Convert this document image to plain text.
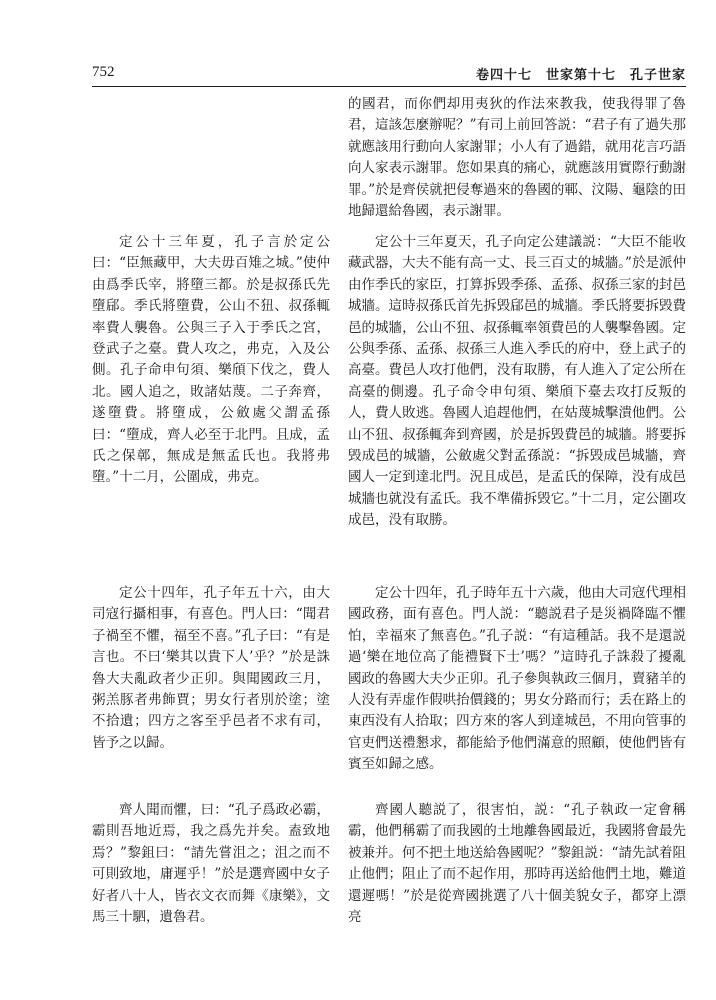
752	卷四十七　世家第十七　孔子世家

定公十三年夏，孔子言於定公曰：“臣無藏甲，大夫毋百雉之城。”使仲由爲季氏宰，將墮三都。於是叔孫氏先墮郈。季氏將墮費，公山不狃、叔孫輒率費人襲魯。公與三子入于季氏之宮，登武子之臺。費人攻之，弗克，入及公側。孔子命申句須、樂頎下伐之，費人北。國人追之，敗諸姑蔑。二子奔齊，遂墮費。將墮成，公斂處父謂孟孫曰：“墮成，齊人必至于北門。且成，孟氏之保鄣，無成是無孟氏也。我將弗墮。”十二月，公圍成，弗克。

定公十四年，孔子年五十六，由大司寇行攝相事，有喜色。門人曰：“聞君子禍至不懼，福至不喜。”孔子曰：“有是言也。不曰‘樂其以貴下人’乎？”於是誅魯大夫亂政者少正卯。與聞國政三月，粥羔豚者弗飾賈；男女行者別於塗；塗不拾遺；四方之客至乎邑者不求有司，皆予之以歸。

齊人聞而懼，曰：“孔子爲政必霸，霸則吾地近焉，我之爲先并矣。盍致地焉？”黎鉏曰：“請先嘗沮之；沮之而不可則致地，庸遲乎！”於是選齊國中女子好者八十人，皆衣文衣而舞《康樂》，文馬三十駟，遺魯君。

的國君，而你們却用夷狄的作法來教我，使我得罪了魯君，這該怎麼辦呢？”有司上前回答説：“君子有了過失那就應該用行動向人家謝罪；小人有了過錯，就用花言巧語向人家表示謝罪。您如果真的痛心，就應該用實際行動謝罪。”於是齊侯就把侵奪過來的魯國的鄆、汶陽、龜陰的田地歸還給魯國，表示謝罪。

定公十三年夏天，孔子向定公建議説：“大臣不能收藏武器，大夫不能有高一丈、長三百丈的城牆。”於是派仲由作季氏的家臣，打算拆毁季孫、孟孫、叔孫三家的封邑城牆。這時叔孫氏首先拆毁郈邑的城牆。季氏將要拆毁費邑的城牆，公山不狃、叔孫輒率領費邑的人襲擊魯國。定公與季孫、孟孫、叔孫三人進入季氏的府中，登上武子的高臺。費邑人攻打他們，没有取勝，有人進入了定公所在高臺的側邊。孔子命令申句須、樂頎下臺去攻打反叛的人，費人敗逃。魯國人追趕他們，在姑蔑城擊潰他們。公山不狃、叔孫輒奔到齊國，於是拆毁費邑的城牆。將要拆毁成邑的城牆，公斂處父對孟孫説：“拆毁成邑城牆，齊國人一定到達北門。況且成邑，是孟氏的保障，没有成邑城牆也就没有孟氏。我不準備拆毁它。”十二月，定公圍攻成邑，没有取勝。

定公十四年，孔子時年五十六歲，他由大司寇代理相國政務，面有喜色。門人説：“聽説君子是災禍降臨不懼怕，幸福來了無喜色。”孔子説：“有這種話。我不是還説過‘樂在地位高了能禮賢下士’嗎？”這時孔子誅殺了擾亂國政的魯國大夫少正卯。孔子參與執政三個月，賣豬羊的人没有弄虚作假哄抬價錢的；男女分路而行；丢在路上的東西没有人拾取；四方來的客人到達城邑，不用向管事的官吏們送禮懇求，都能給予他們滿意的照顧，使他們皆有賓至如歸之感。

齊國人聽説了，很害怕，説：“孔子執政一定會稱霸，他們稱霸了而我國的土地離魯國最近，我國將會最先被兼并。何不把土地送給魯國呢？”黎鉏説：“請先試着阻止他們；阻止了而不起作用，那時再送給他們土地，難道還遲嗎！”於是從齊國挑選了八十個美貌女子，都穿上漂亮
